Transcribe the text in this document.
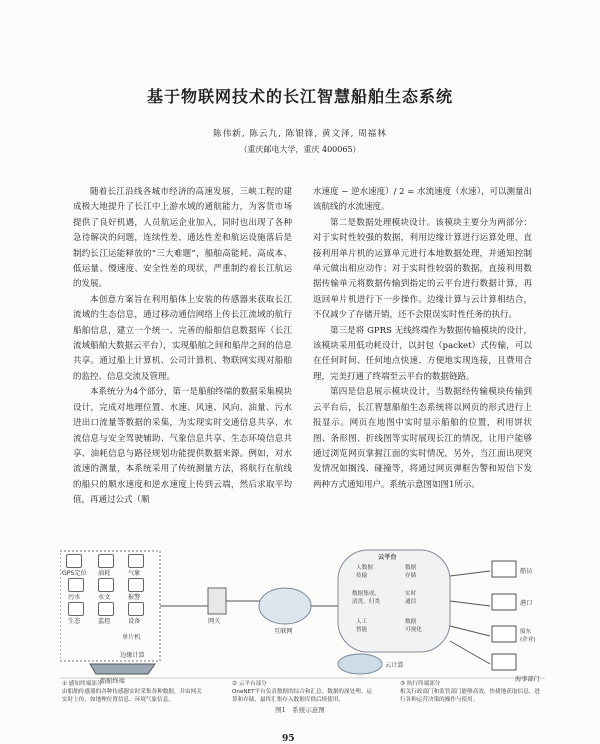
基于物联网技术的长江智慧船舶生态系统
陈伟新, 陈云九, 陈银锋, 黄文泽, 周福林
（重庆邮电大学，重庆 400065）

随着长江沿线各城市经济的高速发展，三峡工程的建成极大地提升了长江中上游水域的通航能力，为客货市场提供了良好机遇，人员航运企业加入，同时也出现了各种急待解决的问题，连续性差、通达性差和航运设施落后是制约长江运能释放的“三大难题”，船舶高能耗、高成本、低运量、慢速度、安全性差的现状，严重制约着长江航运的发展。

本创意方案旨在利用船体上安装的传感器来获取长江流域的生态信息，通过移动通信网络上传长江流域的航行船舶信息，建立一个统一、完善的船舶信息数据库（长江流域船舶大数据云平台），实现船舶之间和船岸之间的信息共享。通过船上计算机、公司计算机、物联网实现对船舶的监控、信息交流及管理。

本系统分为4个部分，第一是船舶终端的数据采集模块设计，完成对地理位置、水速、风速、风向、油量、污水进出口流量等数据的采集，为实现实时交通信息共享、水流信息与安全驾驶辅助、气象信息共享、生态环境信息共享、油耗信息与路径规划功能提供数据来源。例如，对水流速的测量，本系统采用了传统测量方法，将航行在航线的船只的顺水速度和逆水速度上传到云端，然后求取平均值，再通过公式（顺

水速度 − 逆水速度）/ 2 = 水流速度（水速），可以测量出该航线的水流速度。

第二是数据处理模块设计。该模块主要分为两部分：对于实时性较强的数据，利用边缘计算进行运算处理，直接利用单片机的运算单元进行本地数据处理，并通知控制单元做出相应动作；对于实时性较弱的数据，直接利用数据传输单元将数据传输到指定的云平台进行数据计算，再返回单片机进行下一步操作。边缘计算与云计算相结合，不仅减少了存储开销，还不会限误实时性任务的执行。

第三是将 GPRS 无线终端作为数据传输模块的设计，该模块采用低功耗设计，以封包（packet）式传输，可以在任何时间、任何地点快速、方便地实现连接，且费用合理，完美打通了终端至云平台的数据链路。

第四是信息展示模块设计，当数据经传输模块传输到云平台后，长江智慧船舶生态系统将以网页的形式进行上报显示。网页在地图中实时显示船舶的位置，利用饼状图、条形图、折线图等实时展现长江的情况，让用户能够通过浏览网页掌握江面的实时情况，另外，当江面出现突发情况如搁浅、碰撞等，将通过网页弹框告警和短信下发两种方式通知用户。系统示意图如图1所示。

GPS定位 油耗	气象
污水	水文	报警
生态	监控	设备
单片机
边缘计算
船舶终端
网关
互联网
云平台
人数据
传输
数据
存储
数据集成、
清洗、归类
实时
通信
人工
智能
数据
可视化
云计算
船员
港口
船东
(企业)
海事部门
① 感知终端部分
由船舶传感器的各种传感器实时采集各种数据，并由网关实时上传，如地理位置信息、环境气象信息。
② 云平台部分
OneNET平台负责数据的综合和汇总、数据的深处理、运算和存储，最终汇集存入数据库供后续使用。
③ 执行终端部分
相关行政部门和监管部门能够高效、快捷地获取信息、进行各种运营决策的操作与使用。
图1　系统示意图
95
